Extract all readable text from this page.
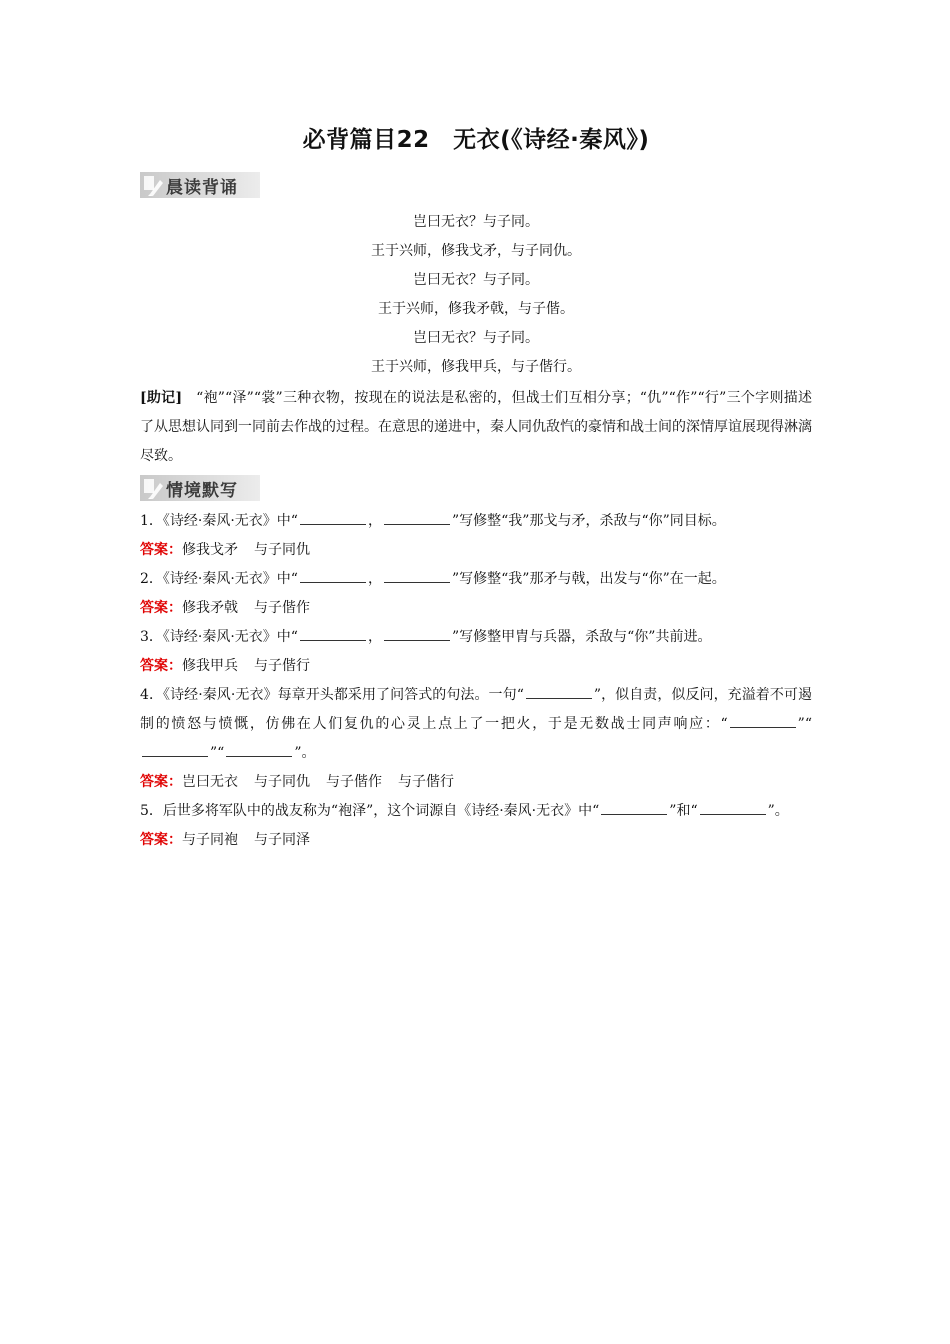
必背篇目22　无衣(《诗经·秦风》)
晨读背诵
岂曰无衣？与子同。
王于兴师，修我戈矛，与子同仇。
岂曰无衣？与子同。
王于兴师，修我矛戟，与子偕。
岂曰无衣？与子同。
王于兴师，修我甲兵，与子偕行。
[助记] “袍”“泽”“裳”三种衣物，按现在的说法是私密的，但战士们互相分享；“仇”“作”“行”三个字则描述了从思想认同到一同前去作战的过程。在意思的递进中，秦人同仇敌忾的豪情和战士间的深情厚谊展现得淋漓尽致。
情境默写
1．《诗经·秦风·无衣》中“	，	”写修整“我”那戈与矛，杀敌与“你”同目标。
答案：修我戈矛 与子同仇
2．《诗经·秦风·无衣》中“	，	”写修整“我”那矛与戟，出发与“你”在一起。
答案：修我矛戟 与子偕作
3．《诗经·秦风·无衣》中“	，	”写修整甲胄与兵器，杀敌与“你”共前进。
答案：修我甲兵 与子偕行
4．《诗经·秦风·无衣》每章开头都采用了问答式的句法。一句“	”，似自责，似反问，充溢着不可遏制的愤怒与愤慨，仿佛在人们复仇的心灵上点上了一把火，于是无数战士同声响应：“	”“”“	”。
答案：岂曰无衣 与子同仇 与子偕作 与子偕行
5．后世多将军队中的战友称为“袍泽”，这个词源自《诗经·秦风·无衣》中“	”和“	”。
答案：与子同袍 与子同泽
